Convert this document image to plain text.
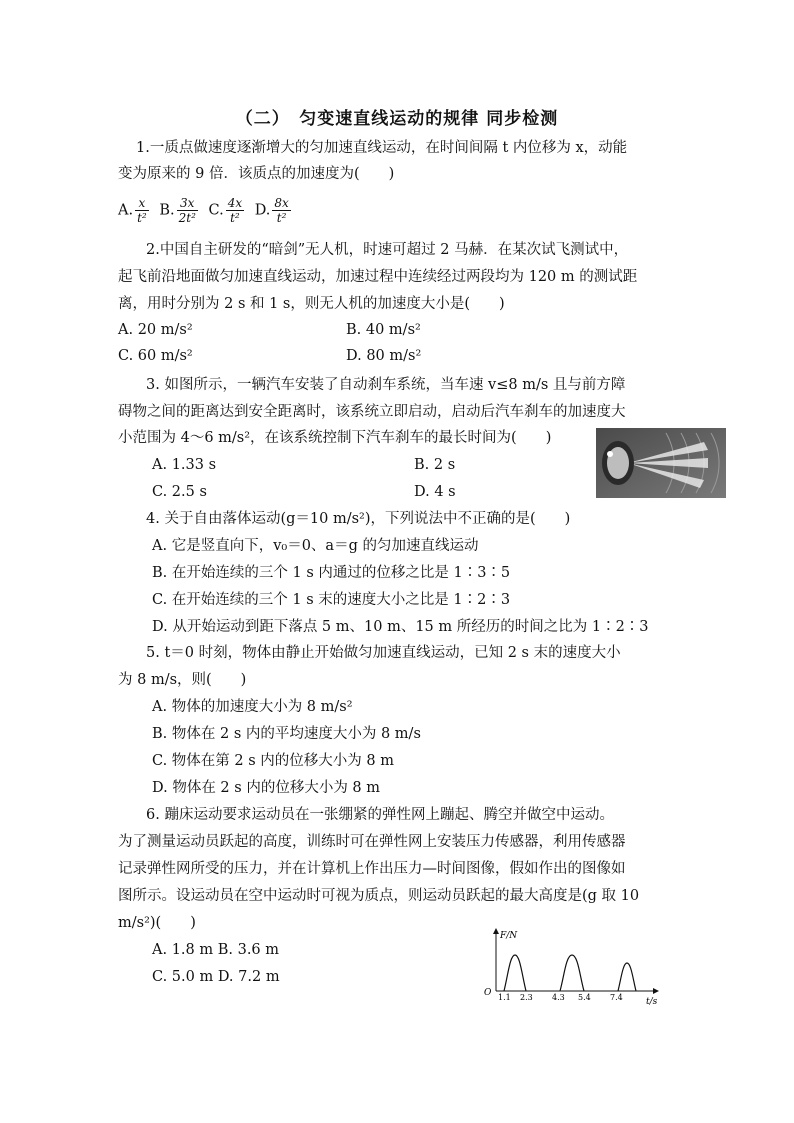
（二）　匀变速直线运动的规律 同步检测
1.一质点做速度逐渐增大的匀加速直线运动，在时间间隔 t 内位移为 x，动能
变为原来的 9 倍．该质点的加速度为(　　)
A. $\frac{x}{\text{t²}} B$. $\frac{3x}{\text{2t²}} C$. $\frac{4x}{\text{t²}} D$. $\frac{8x}{\text{t²}}$
2.中国自主研发的“暗剑”无人机，时速可超过 2 马赫．在某次试飞测试中，
起飞前沿地面做匀加速直线运动，加速过程中连续经过两段均为 120 m 的测试距
离，用时分别为 2 s 和 1 s，则无人机的加速度大小是(　　)
A. 20 m/s²	B. 40 m/s²
C. 60 m/s²	D. 80 m/s²
3. 如图所示，一辆汽车安装了自动刹车系统，当车速 v≤8 m/s 且与前方障
碍物之间的距离达到安全距离时，该系统立即启动，启动后汽车刹车的加速度大
小范围为 4～6 m/s²，在该系统控制下汽车刹车的最长时间为(　　)
A. 1.33 s	B. 2 s
C. 2.5 s	D. 4 s
4. 关于自由落体运动(g＝10 m/s²)，下列说法中不正确的是(　　)
A. 它是竖直向下，v₀＝0、a＝g 的匀加速直线运动
B. 在开始连续的三个 1 s 内通过的位移之比是 1∶3∶5
C. 在开始连续的三个 1 s 末的速度大小之比是 1∶2∶3
D. 从开始运动到距下落点 5 m、10 m、15 m 所经历的时间之比为 1∶2∶3
5. t＝0 时刻，物体由静止开始做匀加速直线运动，已知 2 s 末的速度大小
为 8 m/s，则(　　)
A. 物体的加速度大小为 8 m/s²
B. 物体在 2 s 内的平均速度大小为 8 m/s
C. 物体在第 2 s 内的位移大小为 8 m
D. 物体在 2 s 内的位移大小为 8 m
6. 蹦床运动要求运动员在一张绷紧的弹性网上蹦起、腾空并做空中运动。
为了测量运动员跃起的高度，训练时可在弹性网上安装压力传感器，利用传感器
记录弹性网所受的压力，并在计算机上作出压力—时间图像，假如作出的图像如
图所示。设运动员在空中运动时可视为质点，则运动员跃起的最大高度是(g 取 10
m/s²)(　　)
A. 1.8 m B. 3.6 m
C. 5.0 m D. 7.2 m
F/N
t/s
O 1.1 2.3 4.3 5.4 7.4
